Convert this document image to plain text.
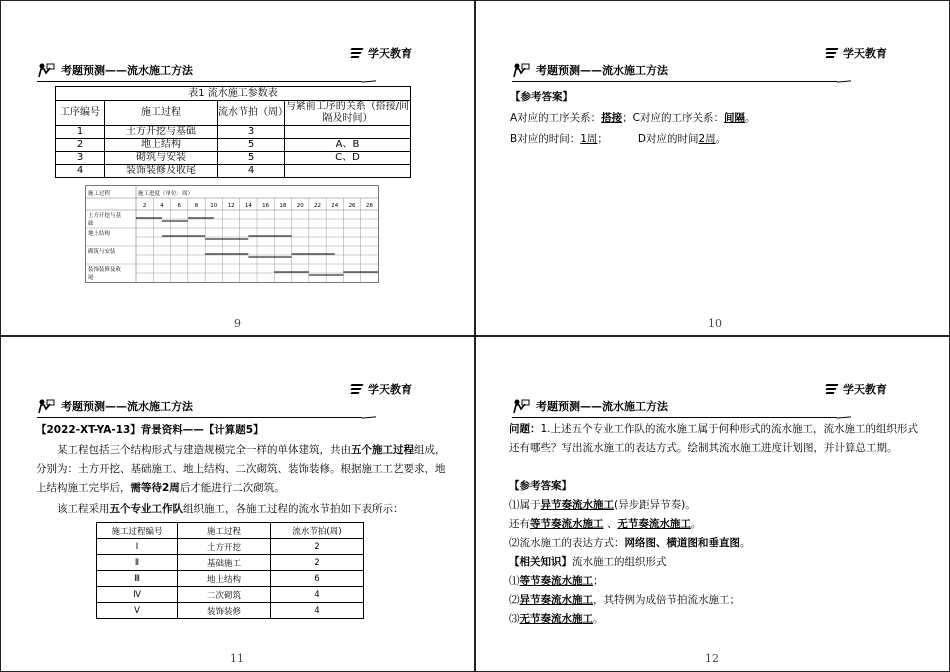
学天教育
考题预测——流水施工方法
表1 流水施工参数表			
工序编号	施工过程	流水节拍（周）	与紧前工序的关系（搭接/间隔及时间）
1	土方开挖与基础	3	
2	地上结构	5	A、B
3	砌筑与安装	5	C、D
4	装饰装修及收尾	4	
施工过程	施工进度（单位：周）
2	4	6	8 10 12 14 16 18 20 22 24 26 28
土方开挖与基础
地上结构
砌筑与安装
装饰装修及收尾
9
学天教育
考题预测——流水施工方法
【参考答案】
A对应的工序关系：搭接；C对应的工序关系：间隔。
B对应的时间：1周；	D对应的时间2周。
10
学天教育
考题预测——流水施工方法
【2022-XT-YA-13】背景资料——【计算题5】
某工程包括三个结构形式与建造规模完全一样的单体建筑，共由五个施工过程组成，分别为：土方开挖、基础施工、地上结构、二次砌筑、装饰装修。根据施工工艺要求，地上结构施工完毕后，需等待2周后才能进行二次砌筑。
该工程采用五个专业工作队组织施工，各施工过程的流水节拍如下表所示：
施工过程编号	施工过程	流水节拍(周)
Ⅰ	土方开挖	2
Ⅱ	基础施工	2
Ⅲ	地上结构	6
Ⅳ	二次砌筑	4
Ⅴ	装饰装修	4
11
学天教育
考题预测——流水施工方法
问题：1.上述五个专业工作队的流水施工属于何种形式的流水施工，流水施工的组织形式还有哪些？写出流水施工的表达方式。绘制其流水施工进度计划图，并计算总工期。
【参考答案】
⑴属于异节奏流水施工(异步距异节奏)。
还有等节奏流水施工 、无节奏流水施工。
⑵流水施工的表达方式：网络图、横道图和垂直图。
【相关知识】流水施工的组织形式
⑴等节奏流水施工；
⑵异节奏流水施工，其特例为成倍节拍流水施工；
⑶无节奏流水施工。
12
